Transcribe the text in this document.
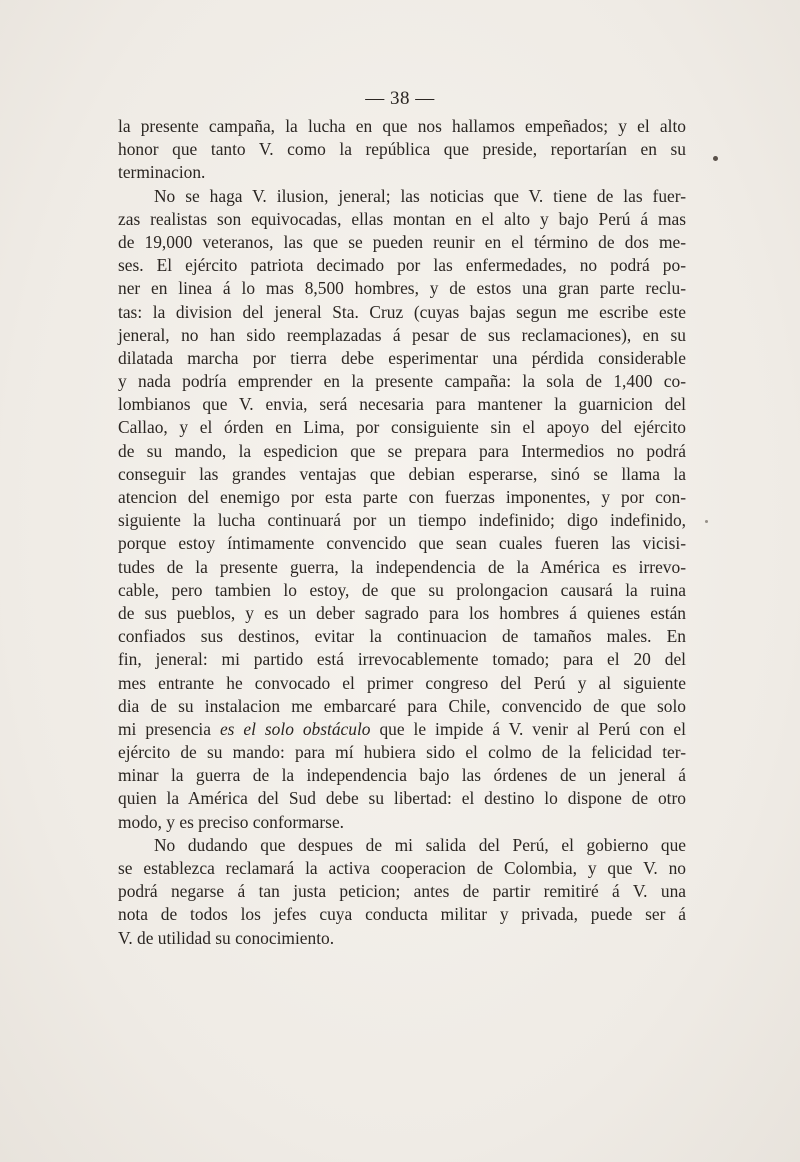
— 38 —
la presente campaña, la lucha en que nos hallamos empeñados; y el alto
honor que tanto V. como la república que preside, reportarían en su
terminacion.
No se haga V. ilusion, jeneral; las noticias que V. tiene de las fuer-
zas realistas son equivocadas, ellas montan en el alto y bajo Perú á mas
de 19,000 veteranos, las que se pueden reunir en el término de dos me-
ses. El ejército patriota decimado por las enfermedades, no podrá po-
ner en linea á lo mas 8,500 hombres, y de estos una gran parte reclu-
tas: la division del jeneral Sta. Cruz (cuyas bajas segun me escribe este
jeneral, no han sido reemplazadas á pesar de sus reclamaciones), en su
dilatada marcha por tierra debe esperimentar una pérdida considerable
y nada podría emprender en la presente campaña: la sola de 1,400 co-
lombianos que V. envia, será necesaria para mantener la guarnicion del
Callao, y el órden en Lima, por consiguiente sin el apoyo del ejército
de su mando, la espedicion que se prepara para Intermedios no podrá
conseguir las grandes ventajas que debian esperarse, sinó se llama la
atencion del enemigo por esta parte con fuerzas imponentes, y por con-
siguiente la lucha continuará por un tiempo indefinido; digo indefinido,
porque estoy íntimamente convencido que sean cuales fueren las vicisi-
tudes de la presente guerra, la independencia de la América es irrevo-
cable, pero tambien lo estoy, de que su prolongacion causará la ruina
de sus pueblos, y es un deber sagrado para los hombres á quienes están
confiados sus destinos, evitar la continuacion de tamaños males. En
fin, jeneral: mi partido está irrevocablemente tomado; para el 20 del
mes entrante he convocado el primer congreso del Perú y al siguiente
dia de su instalacion me embarcaré para Chile, convencido de que solo
mi presencia es el solo obstáculo que le impide á V. venir al Perú con el
ejército de su mando: para mí hubiera sido el colmo de la felicidad ter-
minar la guerra de la independencia bajo las órdenes de un jeneral á
quien la América del Sud debe su libertad: el destino lo dispone de otro
modo, y es preciso conformarse.
No dudando que despues de mi salida del Perú, el gobierno que
se establezca reclamará la activa cooperacion de Colombia, y que V. no
podrá negarse á tan justa peticion; antes de partir remitiré á V. una
nota de todos los jefes cuya conducta militar y privada, puede ser á
V. de utilidad su conocimiento.
